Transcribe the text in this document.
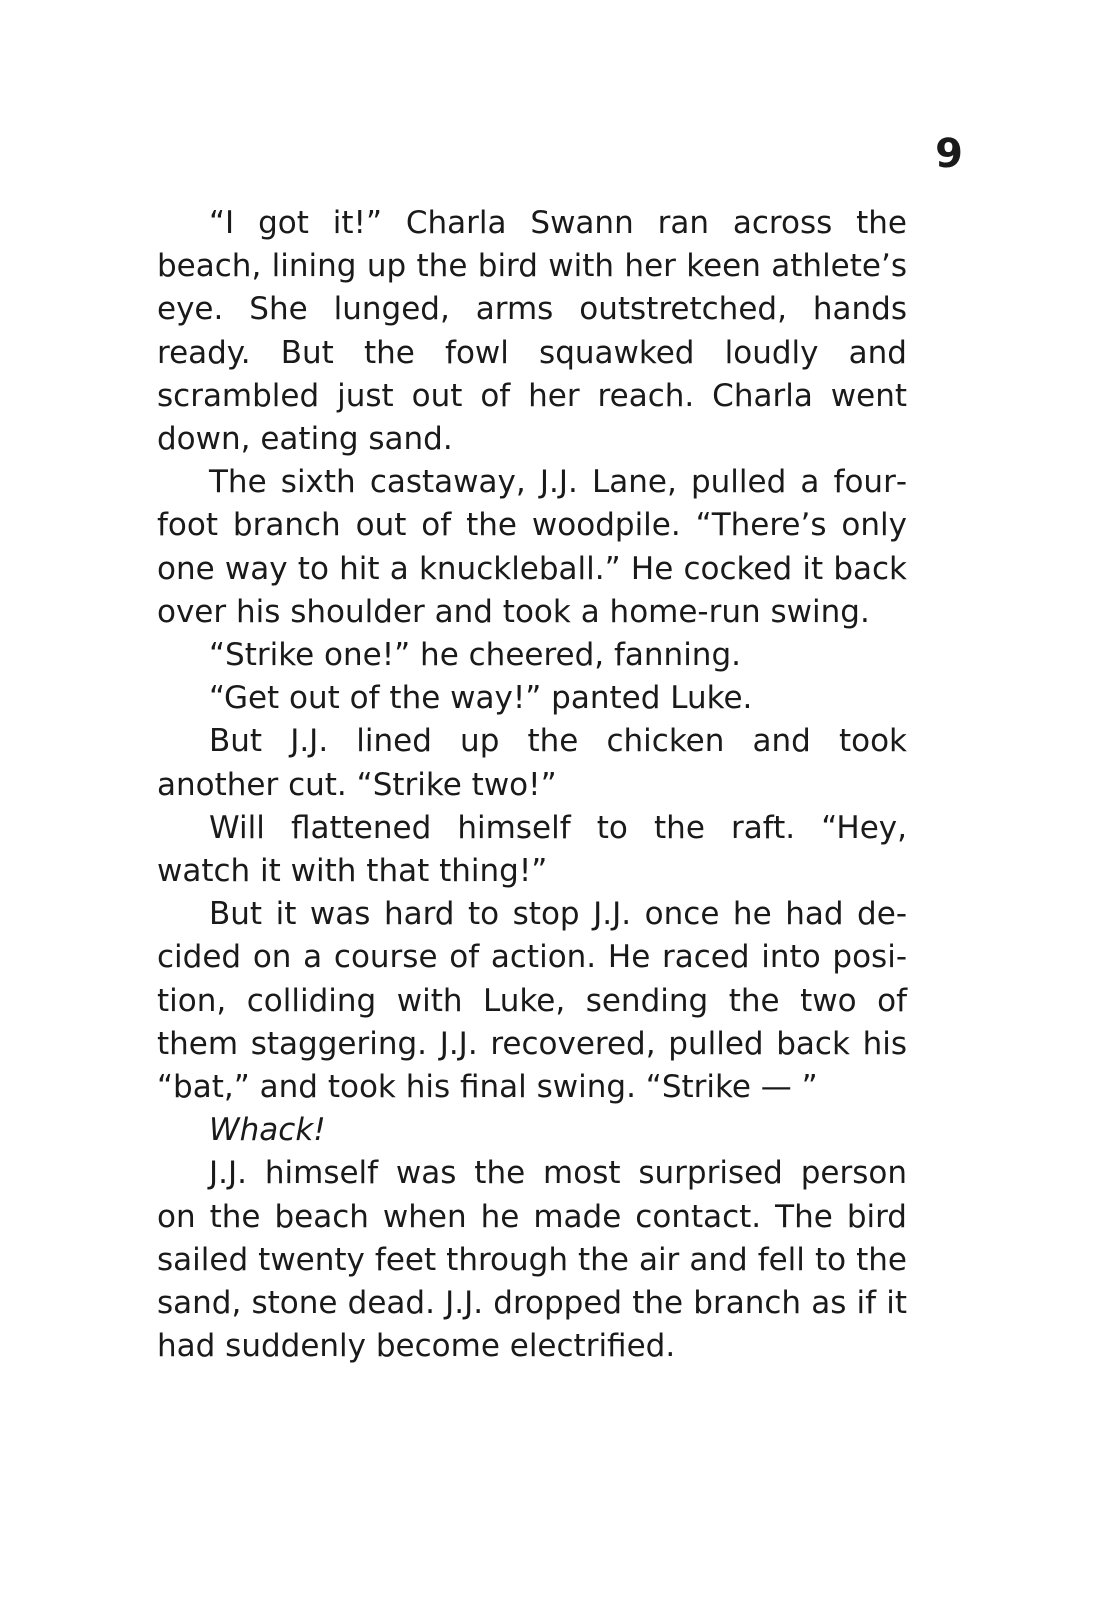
9

“I got it!” Charla Swann ran across the beach, lining up the bird with her keen athlete’s eye. She lunged, arms outstretched, hands ready. But the fowl squawked loudly and scrambled just out of her reach. Charla went down, eating sand.

The sixth castaway, J.J. Lane, pulled a fourfoot branch out of the woodpile. “There’s only one way to hit a knuckleball.” He cocked it back over his shoulder and took a home-run swing.

“Strike one!” he cheered, fanning.

“Get out of the way!” panted Luke.

But J.J. lined up the chicken and took another cut. “Strike two!”

Will flattened himself to the raft. “Hey, watch it with that thing!”

But it was hard to stop J.J. once he had decided on a course of action. He raced into position, colliding with Luke, sending the two of them staggering. J.J. recovered, pulled back his “bat,” and took his final swing. “Strike — ”

Whack!

J.J. himself was the most surprised person on the beach when he made contact. The bird sailed twenty feet through the air and fell to the sand, stone dead. J.J. dropped the branch as if it had suddenly become electrified.
